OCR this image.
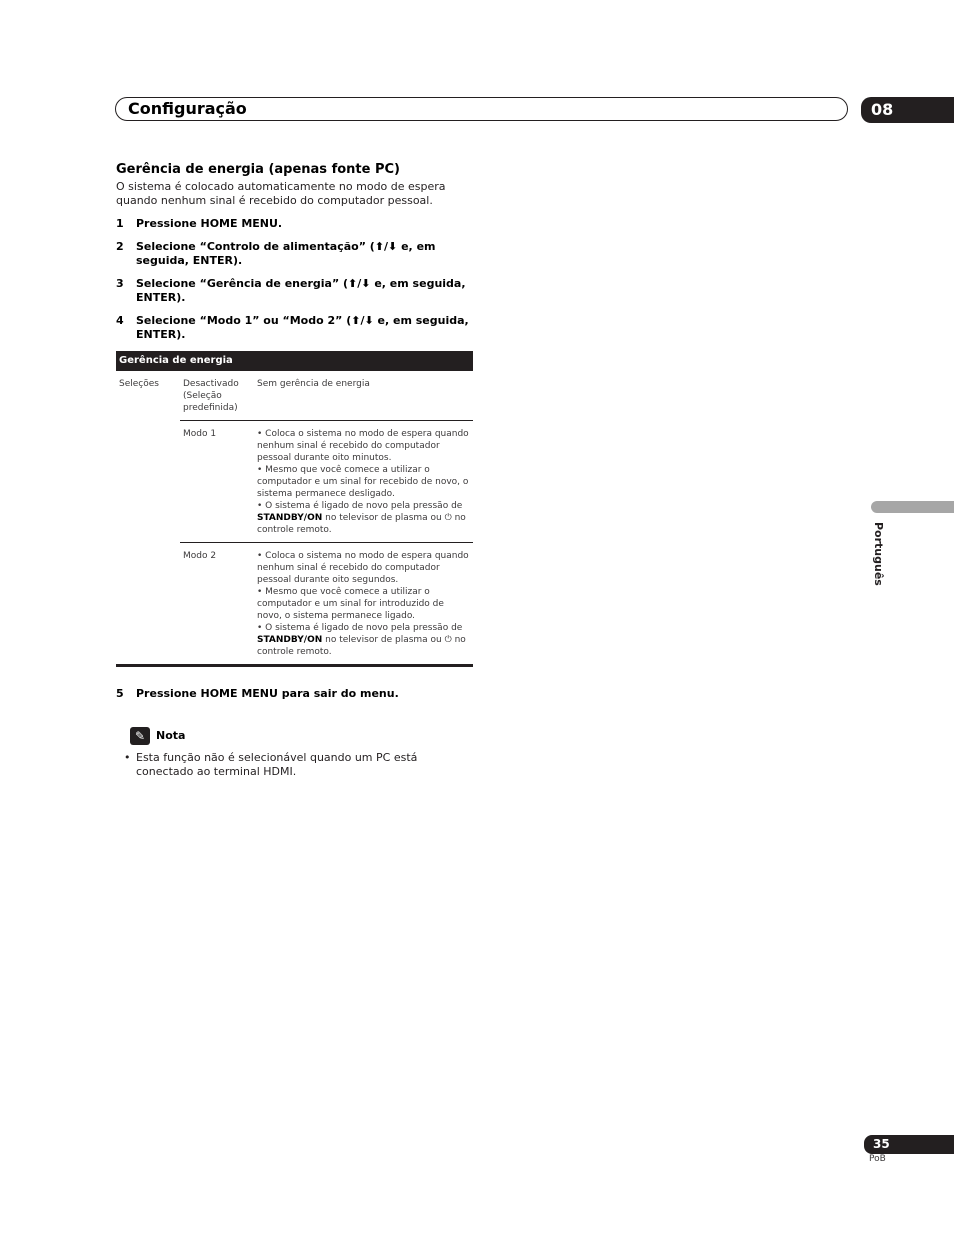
Configuração	08
Gerência de energia (apenas fonte PC)

O sistema é colocado automaticamente no modo de espera quando nenhum sinal é recebido do computador pessoal.

1 Pressione HOME MENU.
2 Selecione “Controlo de alimentação” (⬆/⬇ e, em seguida, ENTER).
3 Selecione “Gerência de energia” (⬆/⬇ e, em seguida, ENTER).
4 Selecione “Modo 1” ou “Modo 2” (⬆/⬇ e, em seguida, ENTER).
Gerência de energia		
Seleções	Desactivado (Seleção predefinida)	Sem gerência de energia
	Modo 1	• Coloca o sistema no modo de espera quando nenhum sinal é recebido do computador pessoal durante oito minutos.
• Mesmo que você comece a utilizar o computador e um sinal for recebido de novo, o sistema permanece desligado.
• O sistema é ligado de novo pela pressão de
STANDBY/ON no televisor de plasma ou ⏻ no controle remoto.
	Modo 2	• Coloca o sistema no modo de espera quando nenhum sinal é recebido do computador pessoal durante oito segundos.
• Mesmo que você comece a utilizar o computador e um sinal for introduzido de novo, o sistema permanece ligado.
• O sistema é ligado de novo pela pressão de
STANDBY/ON no televisor de plasma ou ⏻ no controle remoto.
5 Pressione HOME MENU para sair do menu.
✎ Nota
• Esta função não é selecionável quando um PC está conectado ao terminal HDMI.
Português
35
PoB
